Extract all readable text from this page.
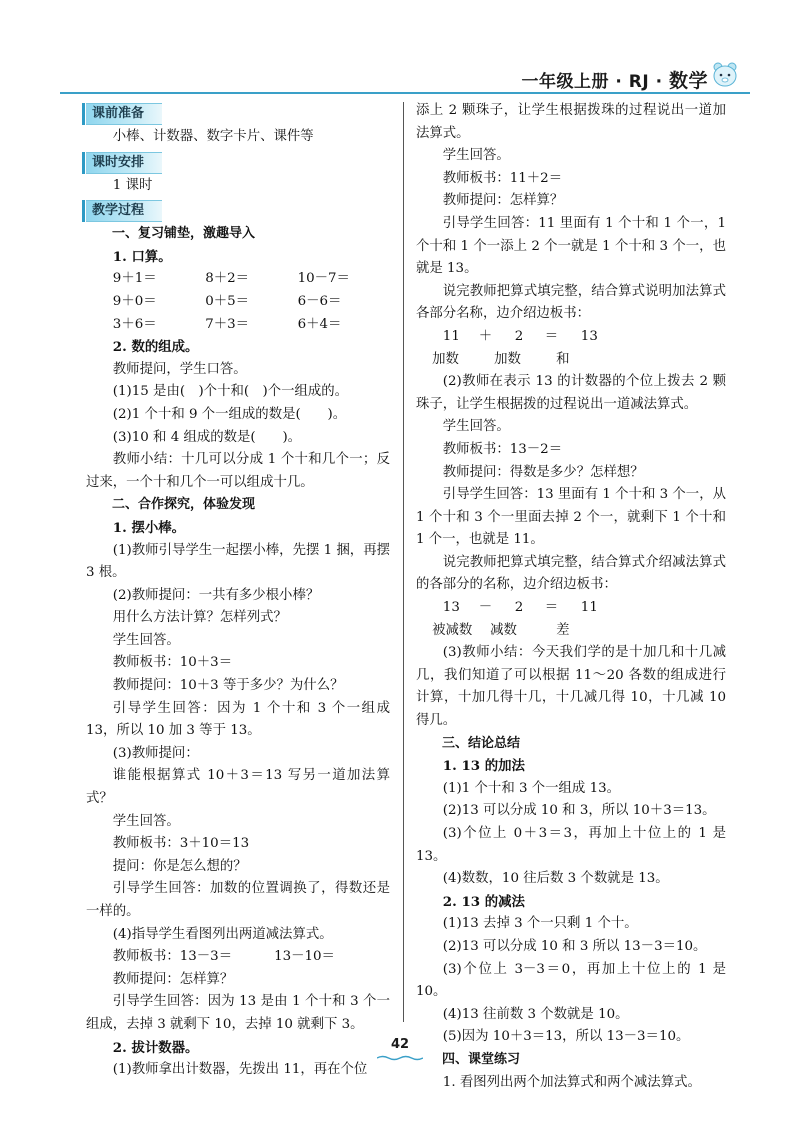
一年级上册 · RJ · 数学
课前准备

小棒、计数器、数字卡片、课件等

课时安排

1 课时

教学过程

一、复习铺垫，激趣导入

1. 口算。

9＋1＝	8＋2＝	10－7＝
9＋0＝	0＋5＝	6－6＝
3＋6＝	7＋3＝	6＋4＝

2. 数的组成。

教师提问，学生口答。

(1)15 是由(　)个十和(　)个一组成的。

(2)1 个十和 9 个一组成的数是(　　)。

(3)10 和 4 组成的数是(　　)。

教师小结：十几可以分成 1 个十和几个一；反过来，一个十和几个一可以组成十几。

二、合作探究，体验发现

1. 摆小棒。

(1)教师引导学生一起摆小棒，先摆 1 捆，再摆 3 根。

(2)教师提问：一共有多少根小棒？

用什么方法计算？怎样列式？

学生回答。

教师板书：10＋3＝

教师提问：10＋3 等于多少？为什么？

引导学生回答：因为 1 个十和 3 个一组成 13，所以 10 加 3 等于 13。

(3)教师提问：

谁能根据算式 10＋3＝13 写另一道加法算式？

学生回答。

教师板书：3＋10＝13

提问：你是怎么想的？

引导学生回答：加数的位置调换了，得数还是一样的。

(4)指导学生看图列出两道减法算式。

教师板书：13－3＝	13－10＝

教师提问：怎样算？

引导学生回答：因为 13 是由 1 个十和 3 个一组成，去掉 3 就剩下 10，去掉 10 就剩下 3。

2. 拔计数器。

(1)教师拿出计数器，先拨出 11，再在个位

添上 2 颗珠子，让学生根据拨珠的过程说出一道加法算式。

学生回答。

教师板书：11＋2＝

教师提问：怎样算？

引导学生回答：11 里面有 1 个十和 1 个一，1 个十和 1 个一添上 2 个一就是 1 个十和 3 个一，也就是 13。

说完教师把算式填完整，结合算式说明加法算式各部分名称，边介绍边板书：

11	＋	2	＝	13
加数	加数	和

(2)教师在表示 13 的计数器的个位上拨去 2 颗珠子，让学生根据拨的过程说出一道减法算式。

学生回答。

教师板书：13－2＝

教师提问：得数是多少？怎样想？

引导学生回答：13 里面有 1 个十和 3 个一，从 1 个十和 3 个一里面去掉 2 个一，就剩下 1 个十和 1 个一，也就是 11。

说完教师把算式填完整，结合算式介绍减法算式的各部分的名称，边介绍边板书：

13	－	2	＝	11
被减数	减数	差

(3)教师小结：今天我们学的是十加几和十几减几，我们知道了可以根据 11～20 各数的组成进行计算，十加几得十几，十几减几得 10，十几减 10 得几。

三、结论总结

1. 13 的加法

(1)1 个十和 3 个一组成 13。

(2)13 可以分成 10 和 3，所以 10＋3＝13。

(3)个位上 0＋3＝3，再加上十位上的 1 是 13。

(4)数数，10 往后数 3 个数就是 13。

2. 13 的减法

(1)13 去掉 3 个一只剩 1 个十。

(2)13 可以分成 10 和 3 所以 13－3＝10。

(3)个位上 3－3＝0，再加上十位上的 1 是 10。

(4)13 往前数 3 个数就是 10。

(5)因为 10＋3＝13，所以 13－3＝10。

四、课堂练习

1. 看图列出两个加法算式和两个减法算式。

42
